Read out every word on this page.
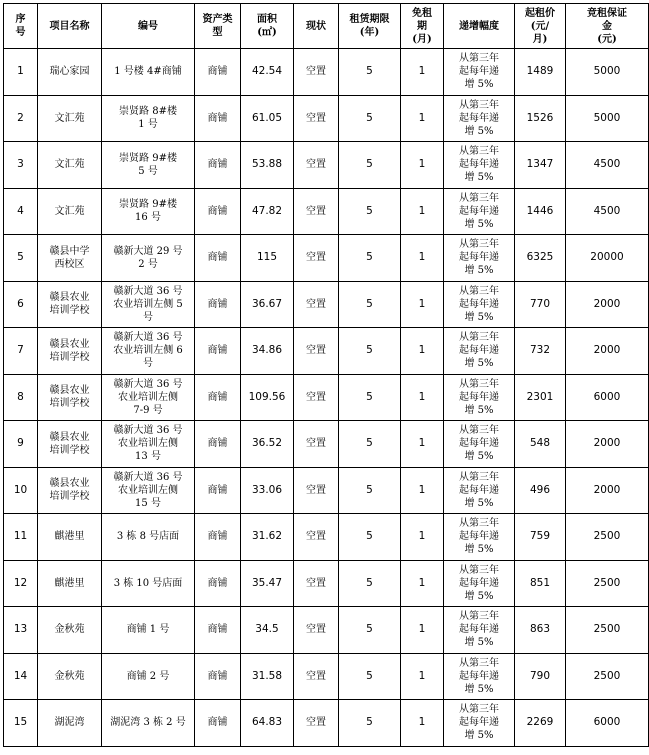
序
号	项目名称	编号	资产类
型	面积
(㎡)	现状	租赁期限
(年)	免租
期
(月)	递增幅度	起租价
(元/
月)	竞租保证
金
(元)
1	瑞心家园	1 号楼 4#商铺	商铺	42.54	空置	5	1	从第三年
起每年递
增 5%	1489	5000
2	文汇苑	崇贤路 8#楼
1 号	商铺	61.05	空置	5	1	从第三年
起每年递
增 5%	1526	5000
3	文汇苑	崇贤路 9#楼
5 号	商铺	53.88	空置	5	1	从第三年
起每年递
增 5%	1347	4500
4	文汇苑	崇贤路 9#楼
16 号	商铺	47.82	空置	5	1	从第三年
起每年递
增 5%	1446	4500
5	赣县中学
西校区	赣新大道 29 号
2 号	商铺	115	空置	5	1	从第三年
起每年递
增 5%	6325	20000
6	赣县农业
培训学校	赣新大道 36 号
农业培训左侧 5
号	商铺	36.67	空置	5	1	从第三年
起每年递
增 5%	770	2000
7	赣县农业
培训学校	赣新大道 36 号
农业培训左侧 6
号	商铺	34.86	空置	5	1	从第三年
起每年递
增 5%	732	2000
8	赣县农业
培训学校	赣新大道 36 号
农业培训左侧
7-9 号	商铺	109.56	空置	5	1	从第三年
起每年递
增 5%	2301	6000
9	赣县农业
培训学校	赣新大道 36 号
农业培训左侧
13 号	商铺	36.52	空置	5	1	从第三年
起每年递
增 5%	548	2000
10	赣县农业
培训学校	赣新大道 36 号
农业培训左侧
15 号	商铺	33.06	空置	5	1	从第三年
起每年递
增 5%	496	2000
11	麒港里	3 栋 8 号店面	商铺	31.62	空置	5	1	从第三年
起每年递
增 5%	759	2500
12	麒港里	3 栋 10 号店面	商铺	35.47	空置	5	1	从第三年
起每年递
增 5%	851	2500
13	金秋苑	商铺 1 号	商铺	34.5	空置	5	1	从第三年
起每年递
增 5%	863	2500
14	金秋苑	商铺 2 号	商铺	31.58	空置	5	1	从第三年
起每年递
增 5%	790	2500
15	湖泥湾	湖泥湾 3 栋 2 号	商铺	64.83	空置	5	1	从第三年
起每年递
增 5%	2269	6000
